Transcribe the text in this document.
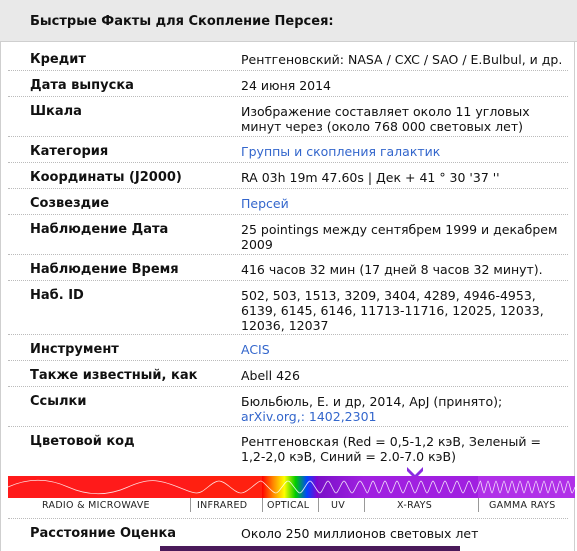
Быстрые Факты для Скопление Персея:
Кредит	Рентгеновский: NASA / CXC / SAO / E.Bulbul, и др.
Дата выпуска	24 июня 2014
Шкала	Изображение составляет около 11 угловых минут через (около 768 000 световых лет)
Категория	Группы и скопления галактик
Координаты (J2000)	RA 03h 19m 47.60s | Дек + 41 ° 30 '37 ''
Созвездие	Персей
Наблюдение Дата	25 pointings между сентябрем 1999 и декабрем 2009
Наблюдение Время	416 часов 32 мин (17 дней 8 часов 32 минут).
Наб. ID	502, 503, 1513, 3209, 3404, 4289, 4946-4953, 6139, 6145, 6146, 11713-11716, 12025, 12033, 12036, 12037
Инструмент	ACIS
Также известный, как	Abell 426
Ссылки	Бюльбюль, Е. и др, 2014, ApJ (принято); arXiv.org,: 1402,2301
Цветовой код	Рентгеновская (Red = 0,5-1,2 кэВ, Зеленый = 1,2-2,0 кэВ, Синий = 2.0-7.0 кэВ)
RADIO & MICROWAVE	INFRARED OPTICAL UV	X-RAYS	GAMMA RAYS
Расстояние Оценка	Около 250 миллионов световых лет
